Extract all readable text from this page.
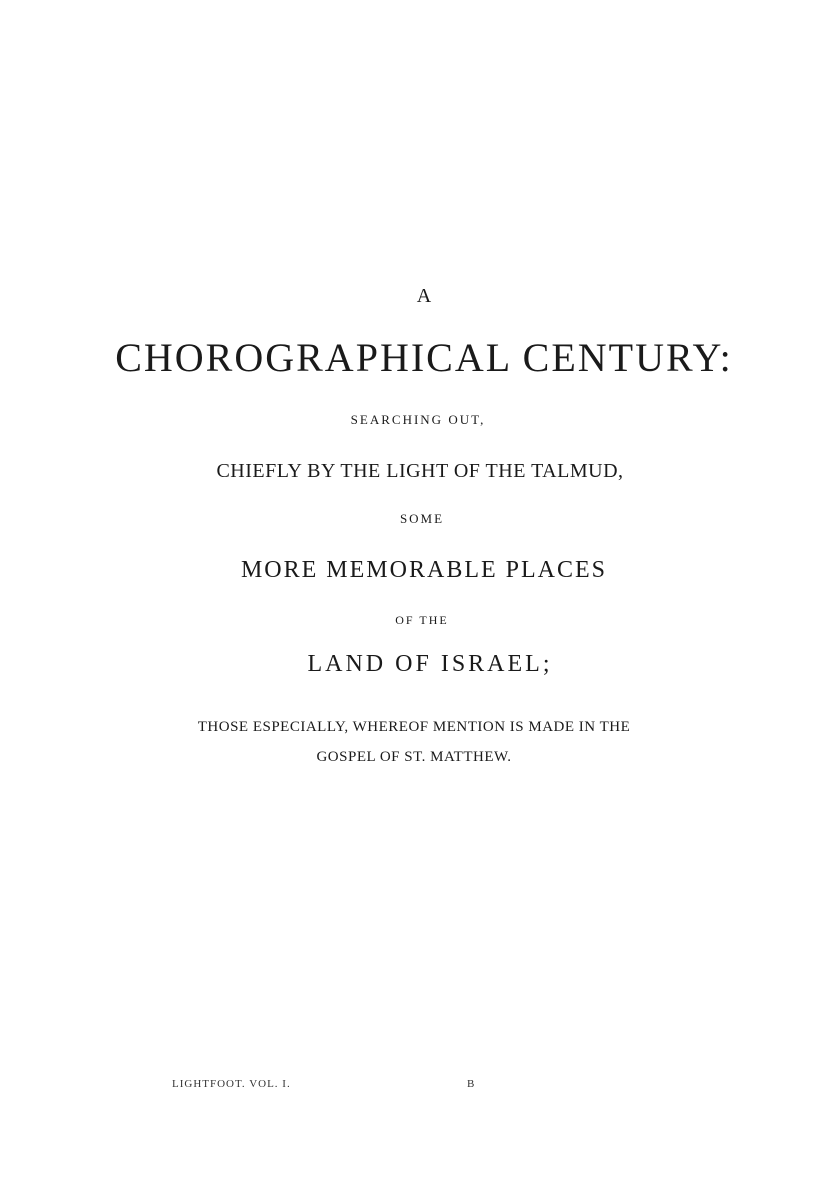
A
CHOROGRAPHICAL CENTURY:
SEARCHING OUT,
CHIEFLY BY THE LIGHT OF THE TALMUD,
SOME
MORE MEMORABLE PLACES
OF THE
LAND OF ISRAEL;
THOSE ESPECIALLY, WHEREOF MENTION IS MADE IN THE
GOSPEL OF ST. MATTHEW.
LIGHTFOOT. VOL. I.	B
